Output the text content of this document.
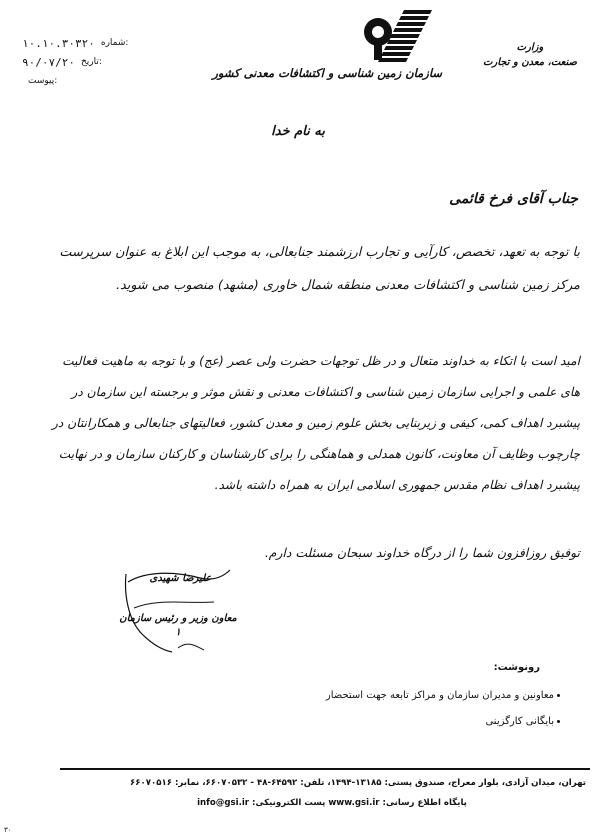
۱۰.۱۰.۳۰۳۲۰ شماره:
۹۰/۰۷/۲۰ تاریخ:
پیوست:
سازمان زمین شناسی و اکتشافات معدنی کشور
وزارت
صنعت، معدن و تجارت
به نام خدا
جناب آقای فرخ قائمی
با توجه به تعهد، تخصص، کارآیی و تجارب ارزشمند جنابعالی، به موجب این ابلاغ به عنوان سرپرست مرکز زمین شناسی و اکتشافات معدنی منطقه شمال خاوری (مشهد) منصوب می شوید.
امید است با اتکاء به خداوند متعال و در ظل توجهات حضرت ولی عصر (عج) و با توجه به ماهیت فعالیت های علمی و اجرایی سازمان زمین شناسی و اکتشافات معدنی و نقش موثر و برجسته این سازمان در پیشبرد اهداف کمی، کیفی و زیربنایی بخش علوم زمین و معدن کشور، فعالیتهای جنابعالی و همکارانتان در چارچوب وظایف آن معاونت، کانون همدلی و هماهنگی را برای کارشناسان و کارکنان سازمان و در نهایت پیشبرد اهداف نظام مقدس جمهوری اسلامی ایران به همراه داشته باشد.
توفیق روزافزون شما را از درگاه خداوند سبحان مسئلت دارم.
علیرضا شهیدی
معاون وزیر و رئیس سازمان
١
رونوشت:
معاونین و مدیران سازمان و مراکز تابعه جهت استحضار
بایگانی کارگزینی
تهران، میدان آزادی، بلوار معراج، صندوق پستی: ۱۳۱۸۵-۱۴۹۴، تلفن: ۶۴۵۹۲-۴۸ - ۶۶۰۷۰۵۳۲، نمابر: ۶۶۰۷۰۵۱۶
پایگاه اطلاع رسانی: www.gsi.ir پست الکترونیکی: info@gsi.ir
۳۰
